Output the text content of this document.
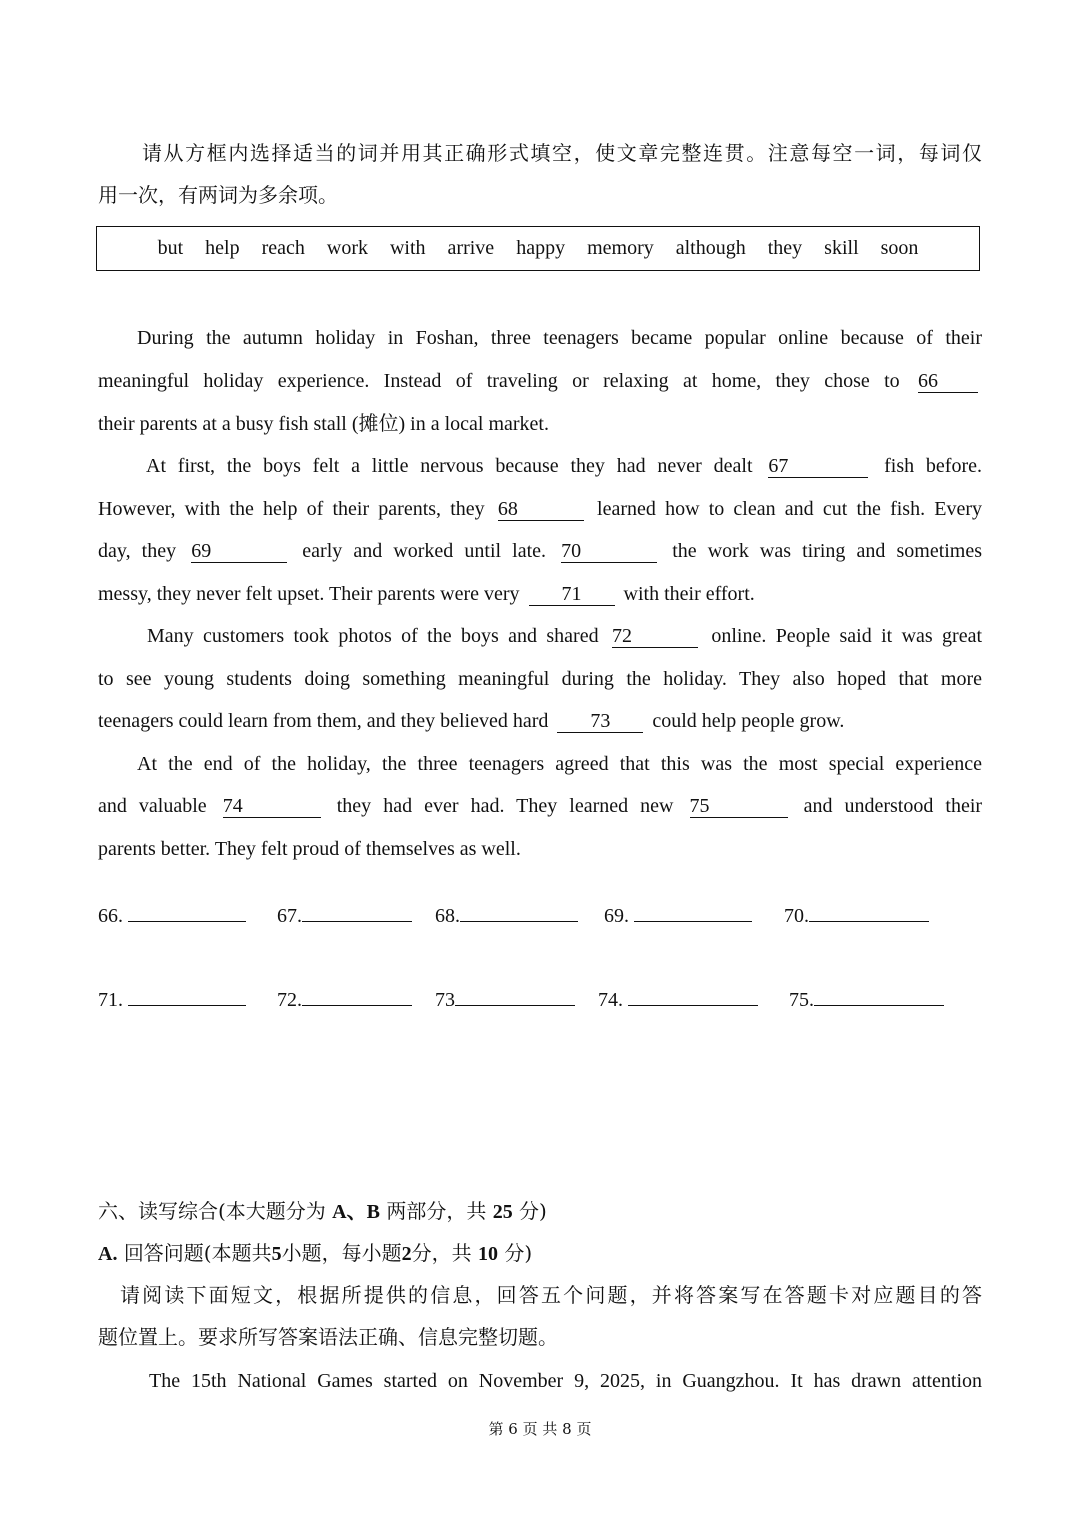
请从方框内选择适当的词并用其正确形式填空，使文章完整连贯。注意每空一词，每词仅
用一次，有两词为多余项。
but help reach work with arrive happy memory although they skill soon
During the autumn holiday in Foshan, three teenagers became popular online because of their
meaningful holiday experience. Instead of traveling or relaxing at home, they chose to 66
their parents at a busy fish stall (摊位) in a local market.
At first, the boys felt a little nervous because they had never dealt 67	fish before.
However, with the help of their parents, they 68	learned how to clean and cut the fish. Every
day, they 69	early and worked until late. 70	the work was tiring and sometimes
messy, they never felt upset. Their parents were very 71 with their effort.
Many customers took photos of the boys and shared 72	online. People said it was great
to see young students doing something meaningful during the holiday. They also hoped that more
teenagers could learn from them, and they believed hard 73 could help people grow.
At the end of the holiday, the three teenagers agreed that this was the most special experience
and valuable 74	they had ever had. They learned new 75	and understood their
parents better. They felt proud of themselves as well.
66.	67.	68.	69.	70.
71.	72.	73	74.	75.
六、读写综合(本大题分为 A、B 两部分，共 25 分)
A. 回答问题(本题共5小题，每小题2分，共 10 分)
请阅读下面短文，根据所提供的信息，回答五个问题，并将答案写在答题卡对应题目的答
题位置上。要求所写答案语法正确、信息完整切题。
The 15th National Games started on November 9, 2025, in Guangzhou. It has drawn attention
第 6 页 共 8 页
